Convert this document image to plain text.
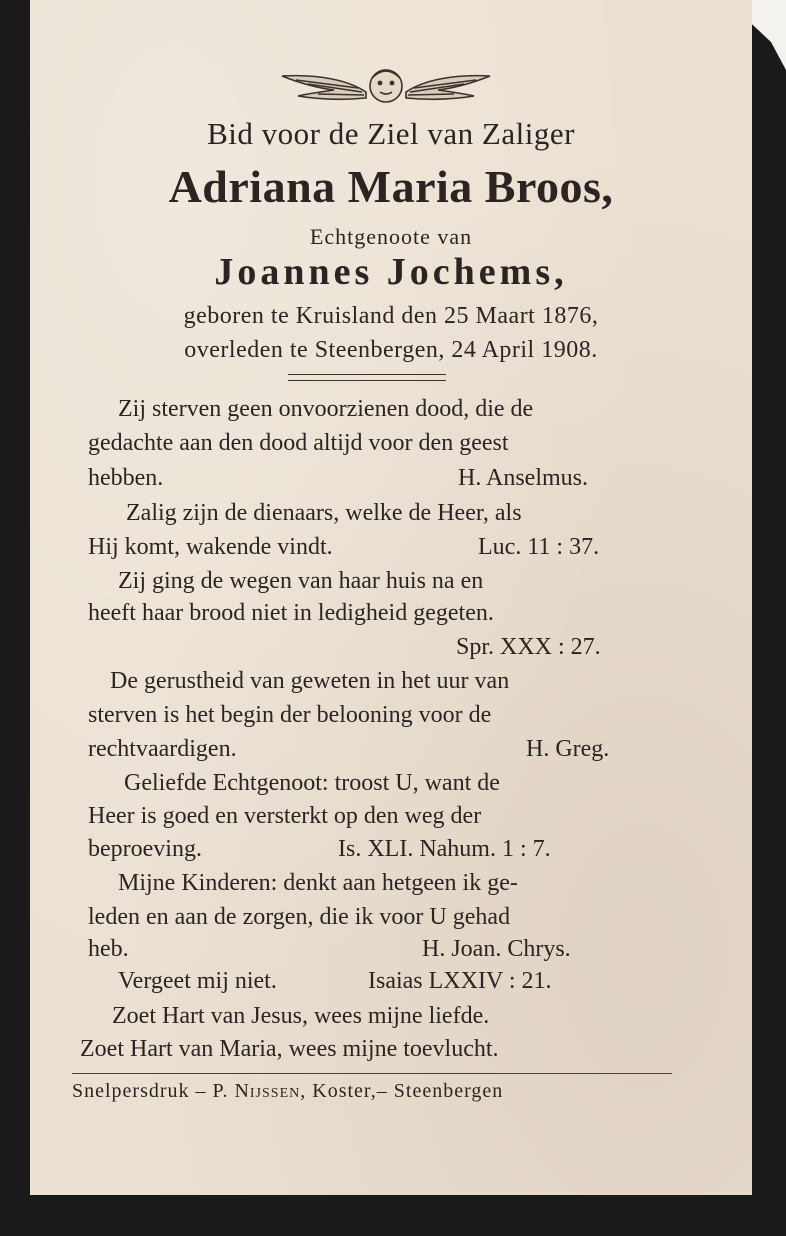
Bid voor de Ziel van Zaliger
Adriana Maria Broos,
Echtgenoote van
Joannes Jochems,
geboren te Kruisland den 25 Maart 1876,
overleden te Steenbergen, 24 April 1908.
Zij sterven geen onvoorzienen dood, die de
gedachte aan den dood altijd voor den geest
hebben.	H. Anselmus.
Zalig zijn de dienaars, welke de Heer, als
Hij komt, wakende vindt.	Luc. 11 : 37.
Zij ging de wegen van haar huis na en
heeft haar brood niet in ledigheid gegeten.
Spr. XXX : 27.
De gerustheid van geweten in het uur van
sterven is het begin der belooning voor de
rechtvaardigen.	H. Greg.
Geliefde Echtgenoot: troost U, want de
Heer is goed en versterkt op den weg der
beproeving.	Is. XLI. Nahum. 1 : 7.
Mijne Kinderen: denkt aan hetgeen ik ge-
leden en aan de zorgen, die ik voor U gehad
heb.	H. Joan. Chrys.
Vergeet mij niet.	Isaias LXXIV : 21.
Zoet Hart van Jesus, wees mijne liefde.
Zoet Hart van Maria, wees mijne toevlucht.
Snelpersdruk – P. Nijssen, Koster,– Steenbergen
